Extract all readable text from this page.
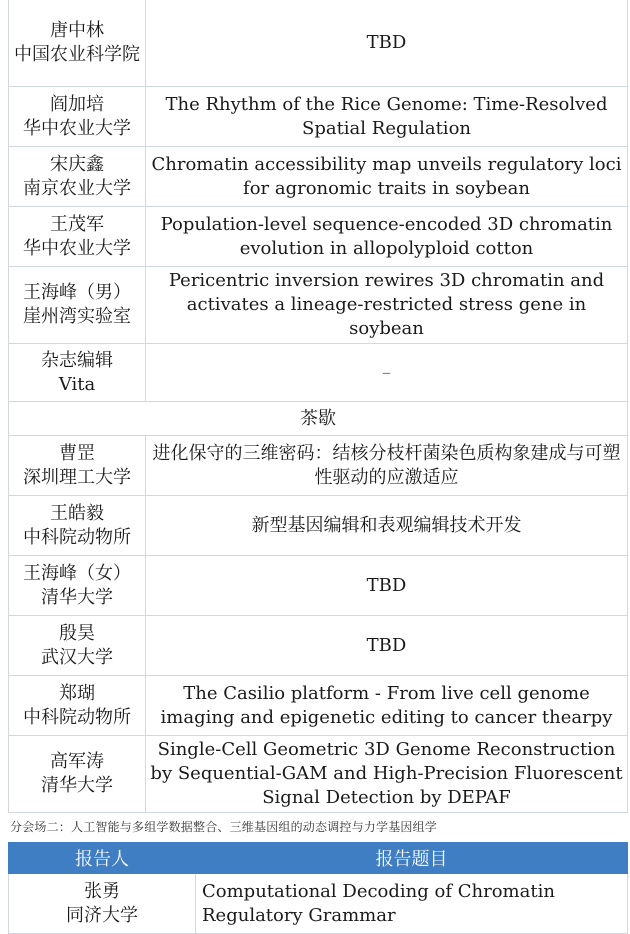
唐中林
中国农业科学院	TBD

阎加培
华中农业大学	The Rhythm of the Rice Genome: Time-Resolved Spatial Regulation

宋庆鑫
南京农业大学	Chromatin accessibility map unveils regulatory loci for agronomic traits in soybean

王茂军
华中农业大学	Population-level sequence-encoded 3D chromatin evolution in allopolyploid cotton

王海峰（男）
崖州湾实验室	Pericentric inversion rewires 3D chromatin and activates a lineage-restricted stress gene in soybean

杂志编辑
Vita	–
茶歇	

曹罡
深圳理工大学	进化保守的三维密码：结核分枝杆菌染色质构象建成与可塑性驱动的应激适应

王皓毅
中科院动物所	新型基因编辑和表观编辑技术开发

王海峰（女）
清华大学	TBD

殷昊
武汉大学	TBD

郑瑚
中科院动物所	The Casilio platform - From live cell genome imaging and epigenetic editing to cancer thearpy

高军涛
清华大学	Single-Cell Geometric 3D Genome Reconstruction by Sequential-GAM and High-Precision Fluorescent Signal Detection by DEPAF
分会场二：人工智能与多组学数据整合、三维基因组的动态调控与力学基因组学
报告人	报告题目

张勇
同济大学	Computational Decoding of Chromatin Regulatory Grammar
